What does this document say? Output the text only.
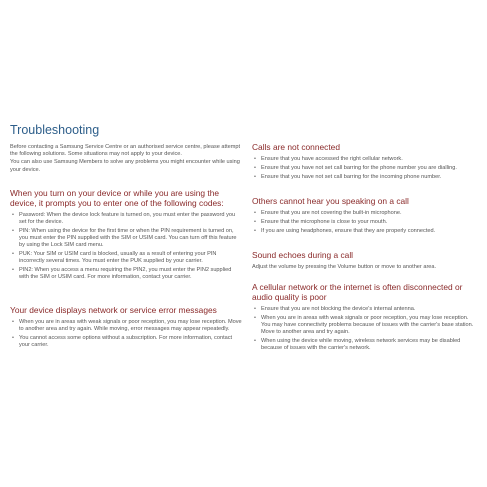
Troubleshooting

Before contacting a Samsung Service Centre or an authorised service centre, please attempt the following solutions. Some situations may not apply to your device.

You can also use Samsung Members to solve any problems you might encounter while using your device.

When you turn on your device or while you are using the device, it prompts you to enter one of the following codes:
• Password: When the device lock feature is turned on, you must enter the password you set for the device.
• PIN: When using the device for the first time or when the PIN requirement is turned on, you must enter the PIN supplied with the SIM or USIM card. You can turn off this feature by using the Lock SIM card menu.
• PUK: Your SIM or USIM card is blocked, usually as a result of entering your PIN incorrectly several times. You must enter the PUK supplied by your carrier.
• PIN2: When you access a menu requiring the PIN2, you must enter the PIN2 supplied with the SIM or USIM card. For more information, contact your carrier.
Your device displays network or service error messages
• When you are in areas with weak signals or poor reception, you may lose reception. Move to another area and try again. While moving, error messages may appear repeatedly.
• You cannot access some options without a subscription. For more information, contact your carrier.
Calls are not connected
• Ensure that you have accessed the right cellular network.
• Ensure that you have not set call barring for the phone number you are dialling.
• Ensure that you have not set call barring for the incoming phone number.
Others cannot hear you speaking on a call
• Ensure that you are not covering the built-in microphone.
• Ensure that the microphone is close to your mouth.
• If you are using headphones, ensure that they are properly connected.
Sound echoes during a call

Adjust the volume by pressing the Volume button or move to another area.

A cellular network or the internet is often disconnected or audio quality is poor
• Ensure that you are not blocking the device's internal antenna.
• When you are in areas with weak signals or poor reception, you may lose reception. You may have connectivity problems because of issues with the carrier's base station. Move to another area and try again.
• When using the device while moving, wireless network services may be disabled because of issues with the carrier's network.
